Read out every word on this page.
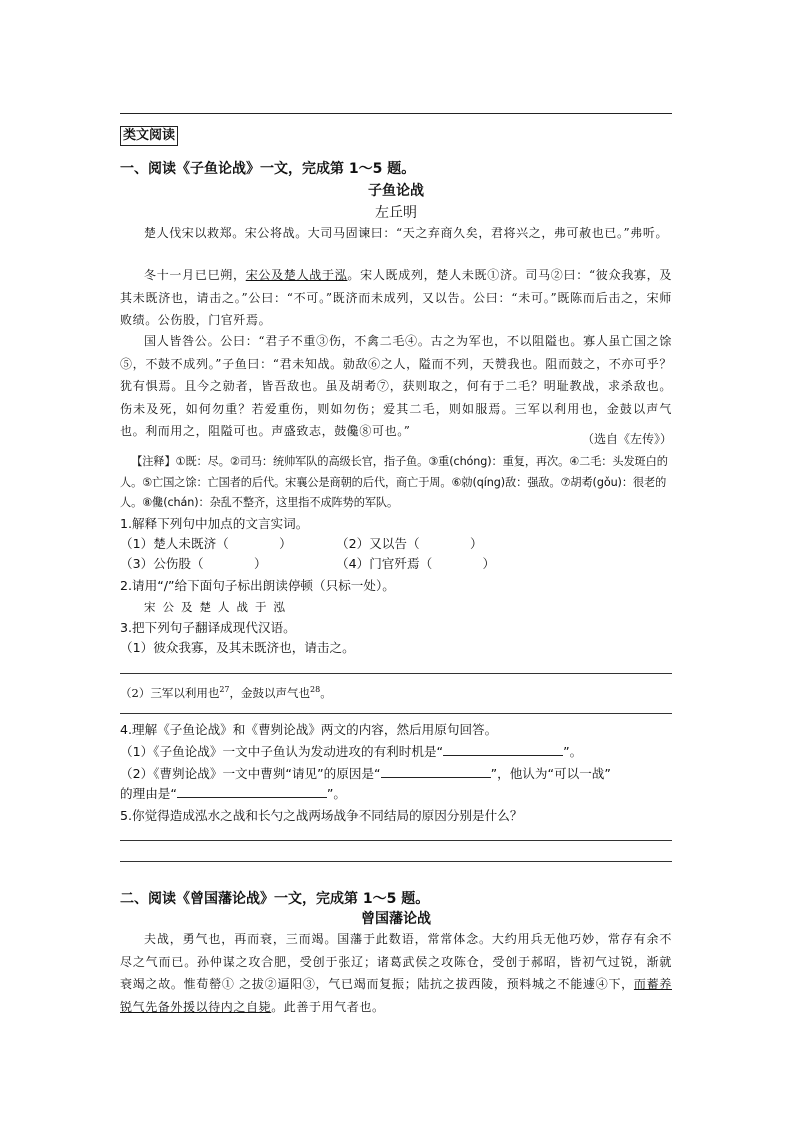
类文阅读
一、阅读《子鱼论战》一文，完成第 1～5 题。
子鱼论战
左丘明
楚人伐宋以救郑。宋公将战。大司马固谏曰：“天之弃商久矣，君将兴之，弗可赦也已。”弗听。
冬十一月已巳朔，宋公及楚人战于泓。宋人既成列，楚人未既①济。司马②曰：“彼众我寡，及其未既济也，请击之。”公曰：“不可。”既济而未成列，又以告。公曰：“未可。”既陈而后击之，宋师败绩。公伤股，门官歼焉。
国人皆咎公。公曰：“君子不重③伤，不禽二毛④。古之为军也，不以阻隘也。寡人虽亡国之馀⑤，不鼓不成列。”子鱼曰：“君未知战。勍敌⑥之人，隘而不列，天赞我也。阻而鼓之，不亦可乎？犹有惧焉。且今之勍者，皆吾敌也。虽及胡耇⑦，获则取之，何有于二毛？明耻教战，求杀敌也。伤未及死，如何勿重？若爱重伤，则如勿伤；爱其二毛，则如服焉。三军以利用也，金鼓以声气也。利而用之，阻隘可也。声盛致志，鼓儳⑧可也。”
（选自《左传》）
【注释】①既：尽。②司马：统帅军队的高级长官，指子鱼。③重(chóng)：重复，再次。④二毛：头发斑白的人。⑤亡国之馀：亡国者的后代。宋襄公是商朝的后代，商亡于周。⑥勍(qíng)敌：强敌。⑦胡耇(gǒu)：很老的人。⑧儳(chán)：杂乱不整齐，这里指不成阵势的军队。
1.解释下列句中加点的文言实词。
（1）楚人未既济（　　　　）	（2）又以告（　　　　）
（3）公伤股（　　　　）	（4）门官歼焉（　　　　）
2.请用“/”给下面句子标出朗读停顿（只标一处）。
宋公及楚人战于泓
3.把下列句子翻译成现代汉语。
（1）彼众我寡，及其未既济也，请击之。
（2）三军以利用也$^{27}$，金鼓以声气也$^{28}$。
4.理解《子鱼论战》和《曹刿论战》两文的内容，然后用原句回答。
（1）《子鱼论战》一文中子鱼认为发动进攻的有利时机是“	”。
（2）《曹刿论战》一文中曹刿“请见”的原因是“	”，他认为“可以一战”
的理由是“	”。
5.你觉得造成泓水之战和长勺之战两场战争不同结局的原因分别是什么？
二、阅读《曾国藩论战》一文，完成第 1～5 题。
曾国藩论战
夫战，勇气也，再而衰，三而竭。国藩于此数语，常常体念。大约用兵无他巧妙，常存有余不尽之气而已。孙仲谋之攻合肥，受创于张辽；诸葛武侯之攻陈仓，受创于郝昭，皆初气过锐，渐就衰竭之故。惟荀罃① 之拔②逼阳③，气已竭而复振；陆抗之拔西陵，预料城之不能遽④下，而蓄养锐气先备外援以待内之自毙。此善于用气者也。
